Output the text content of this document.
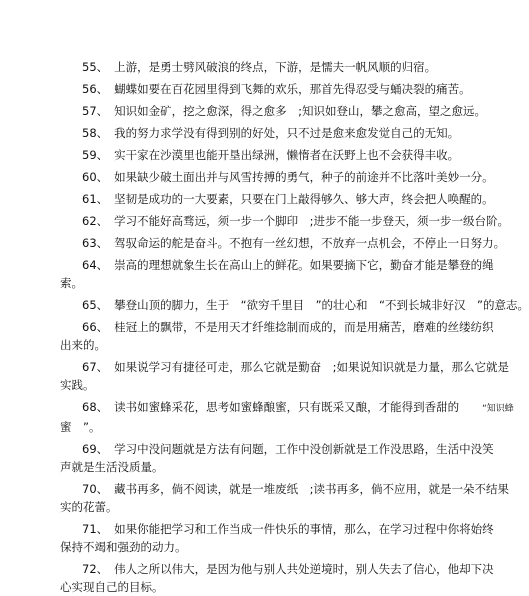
55、 上游，是勇士劈风破浪的终点，下游，是懦夫一帆风顺的归宿。
56、 蝴蝶如要在百花园里得到飞舞的欢乐，那首先得忍受与蛹决裂的痛苦。
57、 知识如金矿，挖之愈深，得之愈多　;知识如登山，攀之愈高，望之愈远。
58、 我的努力求学没有得到别的好处，只不过是愈来愈发觉自己的无知。
59、 实干家在沙漠里也能开垦出绿洲，懒惰者在沃野上也不会获得丰收。
60、 如果缺少破土面出并与风雪抟搏的勇气，种子的前途并不比落叶美妙一分。
61、 坚韧是成功的一大要素，只要在门上敲得够久、够大声，终会把人唤醒的。
62、 学习不能好高骛远，须一步一个脚印　;进步不能一步登天，须一步一级台阶。
63、 驾驭命运的舵是奋斗。不抱有一丝幻想，不放弃一点机会，不停止一日努力。
64、 崇高的理想就象生长在高山上的鲜花。如果要摘下它，勤奋才能是攀登的绳
索。
65、 攀登山顶的脚力，生于　“欲穷千里目　”的壮心和　“不到长城非好汉　”的意志。
66、 桂冠上的飘带，不是用天才纤维捻制而成的，而是用痛苦，磨难的丝缕纺织
出来的。
67、 如果说学习有捷径可走，那么它就是勤奋　;如果说知识就是力量，那么它就是
实践。
68、 读书如蜜蜂采花，思考如蜜蜂酿蜜，只有既采又酿，才能得到香甜的　　	“知识蜂
蜜　”。
69、 学习中没问题就是方法有问题，工作中没创新就是工作没思路，生活中没笑
声就是生活没质量。
70、 藏书再多，倘不阅读，就是一堆废纸　;读书再多，倘不应用，就是一朵不结果
实的花蕾。
71、 如果你能把学习和工作当成一件快乐的事情，那么，在学习过程中你将始终
保持不竭和强劲的动力。
72、 伟人之所以伟大，是因为他与别人共处逆境时，别人失去了信心，他却下决
心实现自己的目标。
